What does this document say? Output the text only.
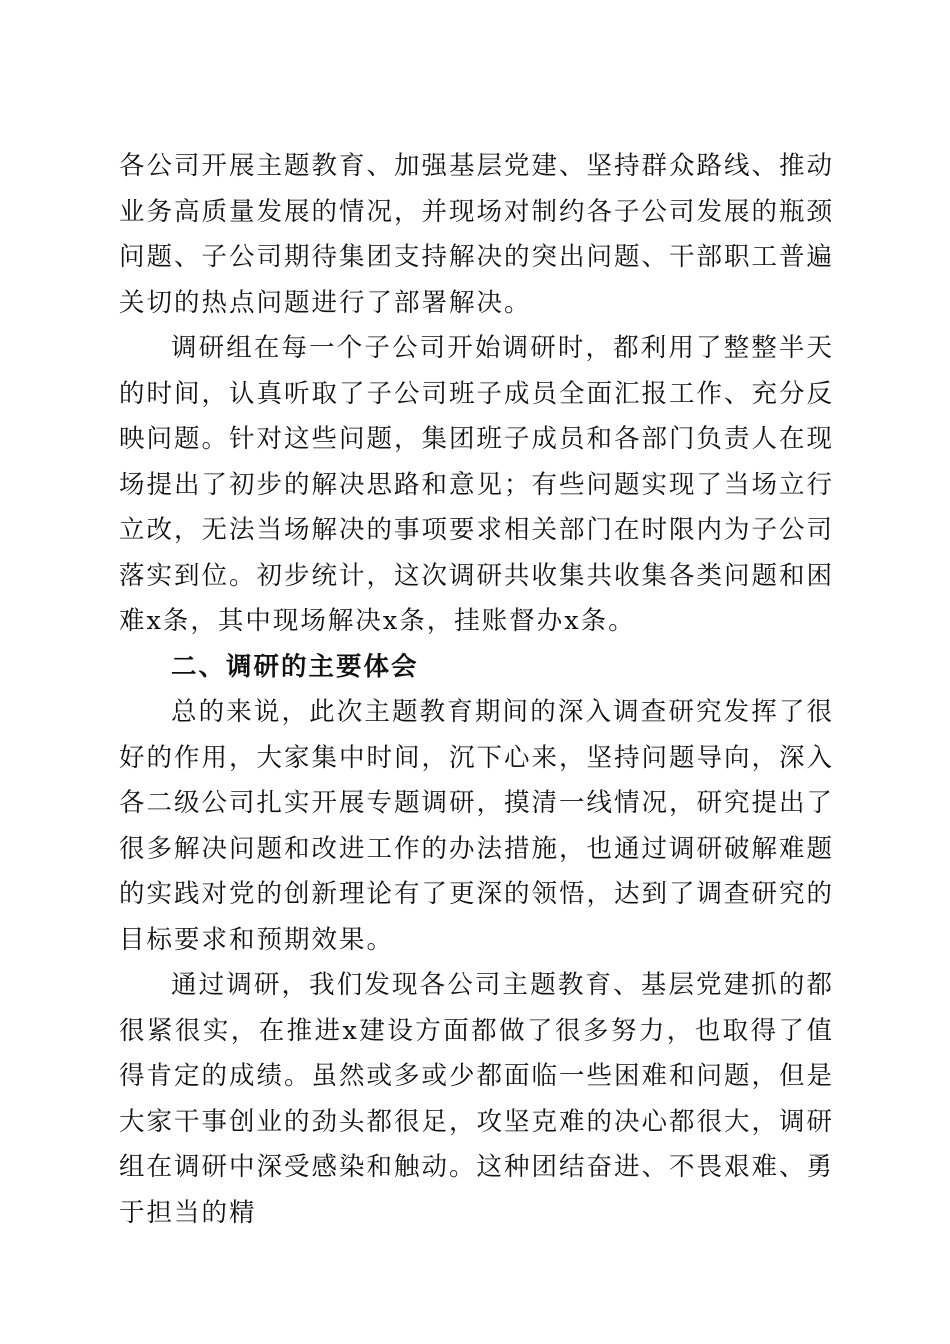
各公司开展主题教育、加强基层党建、坚持群众路线、推动业务高质量发展的情况，并现场对制约各子公司发展的瓶颈问题、子公司期待集团支持解决的突出问题、干部职工普遍关切的热点问题进行了部署解决。

调研组在每一个子公司开始调研时，都利用了整整半天的时间，认真听取了子公司班子成员全面汇报工作、充分反映问题。针对这些问题，集团班子成员和各部门负责人在现场提出了初步的解决思路和意见；有些问题实现了当场立行立改，无法当场解决的事项要求相关部门在时限内为子公司落实到位。初步统计，这次调研共收集共收集各类问题和困难x条，其中现场解决x条，挂账督办x条。

二、调研的主要体会

总的来说，此次主题教育期间的深入调查研究发挥了很好的作用，大家集中时间，沉下心来，坚持问题导向，深入各二级公司扎实开展专题调研，摸清一线情况，研究提出了很多解决问题和改进工作的办法措施，也通过调研破解难题的实践对党的创新理论有了更深的领悟，达到了调查研究的目标要求和预期效果。

通过调研，我们发现各公司主题教育、基层党建抓的都很紧很实，在推进x建设方面都做了很多努力，也取得了值得肯定的成绩。虽然或多或少都面临一些困难和问题，但是大家干事创业的劲头都很足，攻坚克难的决心都很大，调研组在调研中深受感染和触动。这种团结奋进、不畏艰难、勇于担当的精
